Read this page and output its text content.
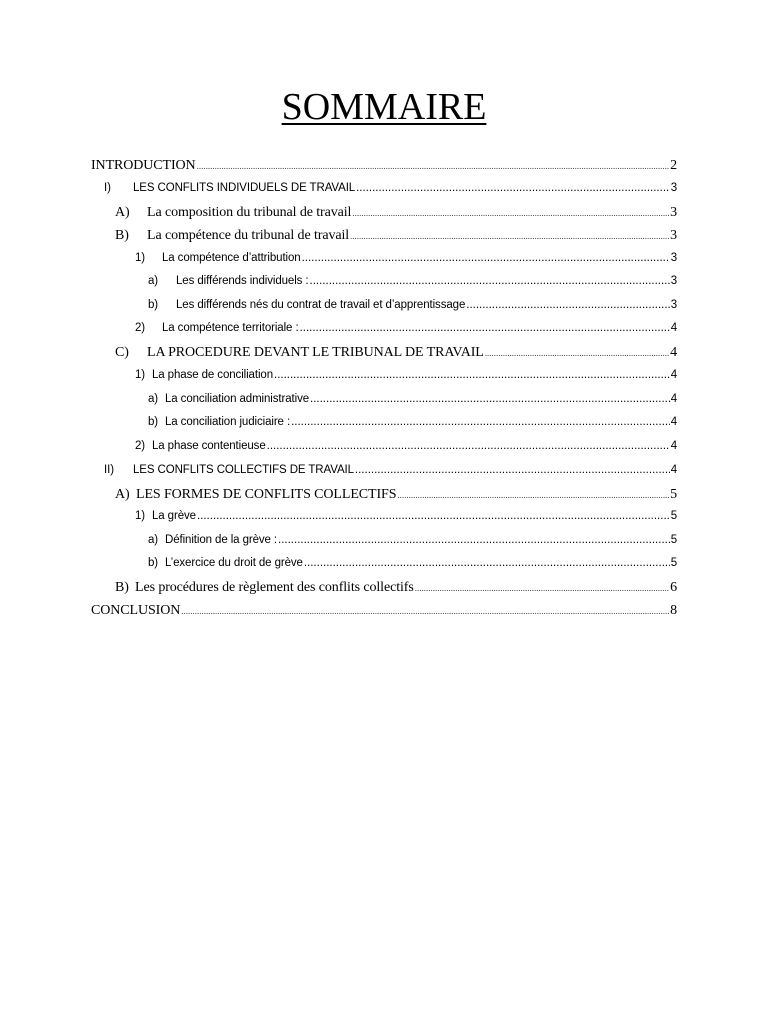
SOMMAIRE
INTRODUCTION .....	2
I)	LES CONFLITS INDIVIDUELS DE TRAVAIL .....	3
A)	La composition du tribunal de travail .....	3
B)	La compétence du tribunal de travail .....	3
1)	La compétence d’attribution .....	3
a)	Les différends individuels : .....	3
b)	Les différends nés du contrat de travail et d’apprentissage .....	3
2)	La compétence territoriale : .....	4
C)	LA PROCEDURE DEVANT LE TRIBUNAL DE TRAVAIL .....	4
1) La phase de conciliation .....	4
a) La conciliation administrative .....	4
b) La conciliation judiciaire : .....	4
2) La phase contentieuse .....	4
II)	LES CONFLITS COLLECTIFS DE TRAVAIL .....	4
A) LES FORMES DE CONFLITS COLLECTIFS .....	5
1) La grève .....	5
a) Définition de la grève : .....	5
b) L’exercice du droit de grève .....	5
B) Les procédures de règlement des conflits collectifs .....	6
CONCLUSION .....	8
